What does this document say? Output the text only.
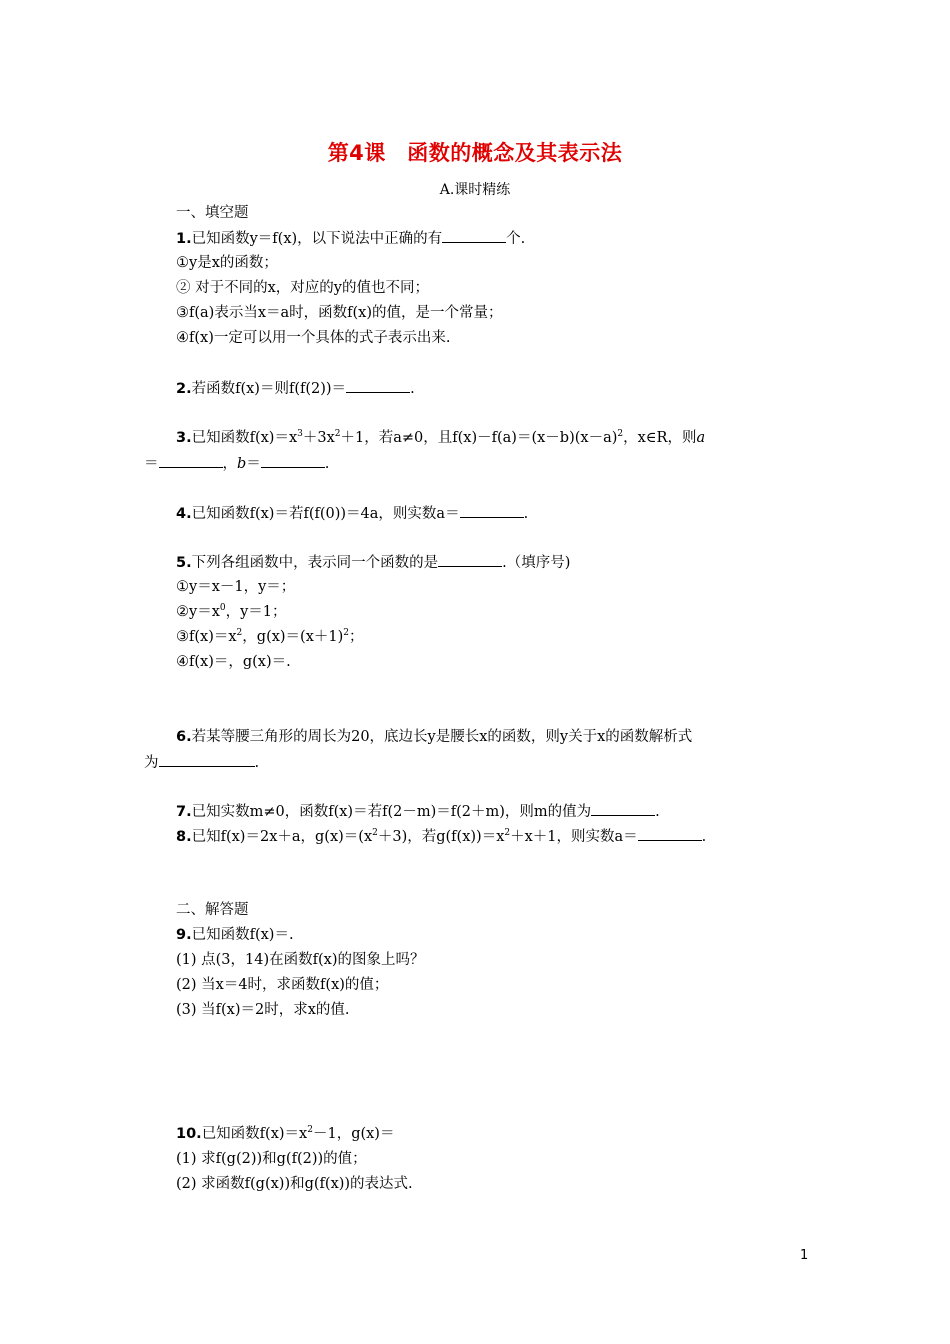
第4课　函数的概念及其表示法
A.课时精练
一、填空题
1.已知函数y＝f(x)，以下说法中正确的有	个.
①y是x的函数；
② 对于不同的x，对应的y的值也不同；
③f(a)表示当x＝a时，函数f(x)的值，是一个常量；
④f(x)一定可以用一个具体的式子表示出来.
2.若函数f(x)＝则f(f(2))＝	.
3.已知函数$f(x)=x^3+3x^2+1$，若a≠0，且$f(x)-f(a)=(x-b)(x-a)^2$，x∈R，则a
＝	，b＝	.
4.已知函数f(x)＝若f(f(0))＝4a，则实数a＝	.
5.下列各组函数中，表示同一个函数的是	.（填序号)
①y＝x－1，y＝；
$②y=x^0$，y＝1；
$③f(x)=x^2$，$g(x)=(x+1)^2$；
④f(x)＝，g(x)＝.
6.若某等腰三角形的周长为20，底边长y是腰长x的函数，则y关于x的函数解析式
为	.
7.已知实数m≠0，函数f(x)＝若f(2－m)＝f(2＋m)，则m的值为	.
8.已知f(x)＝2x＋a，$g(x)=(x^2+3)$，若$g(f(x))=x^2+x+1$，则实数a＝	.
二、解答题
9.已知函数f(x)＝.
(1) 点(3，14)在函数f(x)的图象上吗？
(2) 当x＝4时，求函数f(x)的值；
(3) 当f(x)＝2时，求x的值.
10.已知函数$f(x)=x^2-1$，g(x)＝
(1) 求f(g(2))和g(f(2))的值；
(2) 求函数f(g(x))和g(f(x))的表达式.
1
